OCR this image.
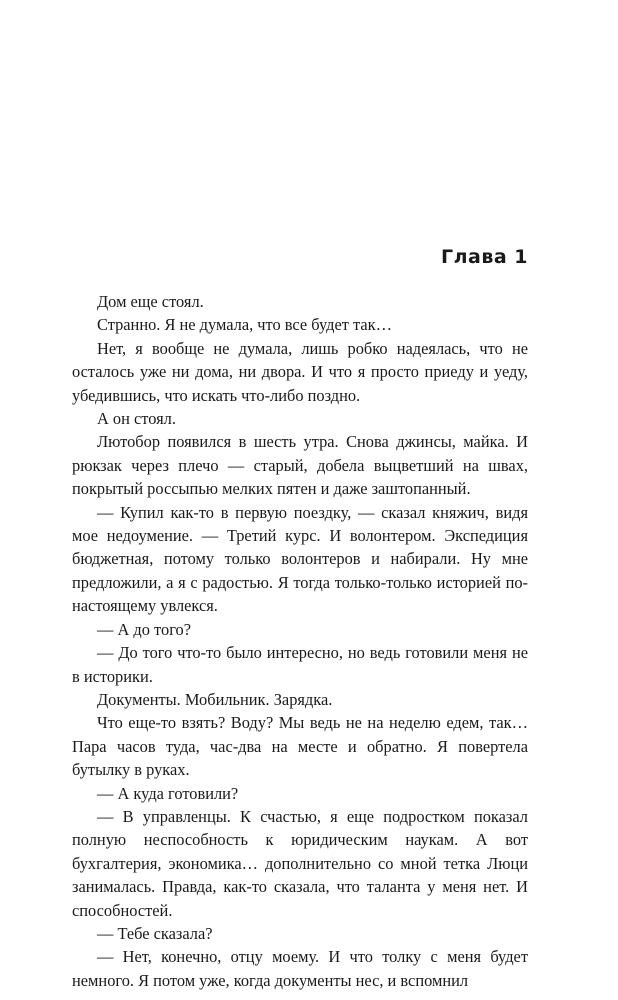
Глава 1

Дом еще стоял.

Странно. Я не думала, что все будет так…

Нет, я вообще не думала, лишь робко надеялась, что не осталось уже ни дома, ни двора. И что я просто приеду и уеду, убедившись, что искать что-либо поздно.

А он стоял.

Лютобор появился в шесть утра. Снова джинсы, майка. И рюкзак через плечо — старый, добела выцветший на швах, покрытый россыпью мелких пятен и даже заштопанный.

— Купил как-то в первую поездку, — сказал княжич, видя мое недоумение. — Третий курс. И волонтером. Экспедиция бюджетная, потому только волонтеров и набирали. Ну мне предложили, а я с радостью. Я тогда только-только историей по-настоящему увлекся.

— А до того?

— До того что-то было интересно, но ведь готовили меня не в историки.

Документы. Мобильник. Зарядка.

Что еще-то взять? Воду? Мы ведь не на неделю едем, так… Пара часов туда, час-два на месте и обратно. Я повертела бутылку в руках.

— А куда готовили?

— В управленцы. К счастью, я еще подростком показал полную неспособность к юридическим наукам. А вот бухгалтерия, экономика… дополнительно со мной тетка Люци занималась. Правда, как-то сказала, что таланта у меня нет. И способностей.

— Тебе сказала?

— Нет, конечно, отцу моему. И что толку с меня будет немного. Я потом уже, когда документы нес, и вспомнил
